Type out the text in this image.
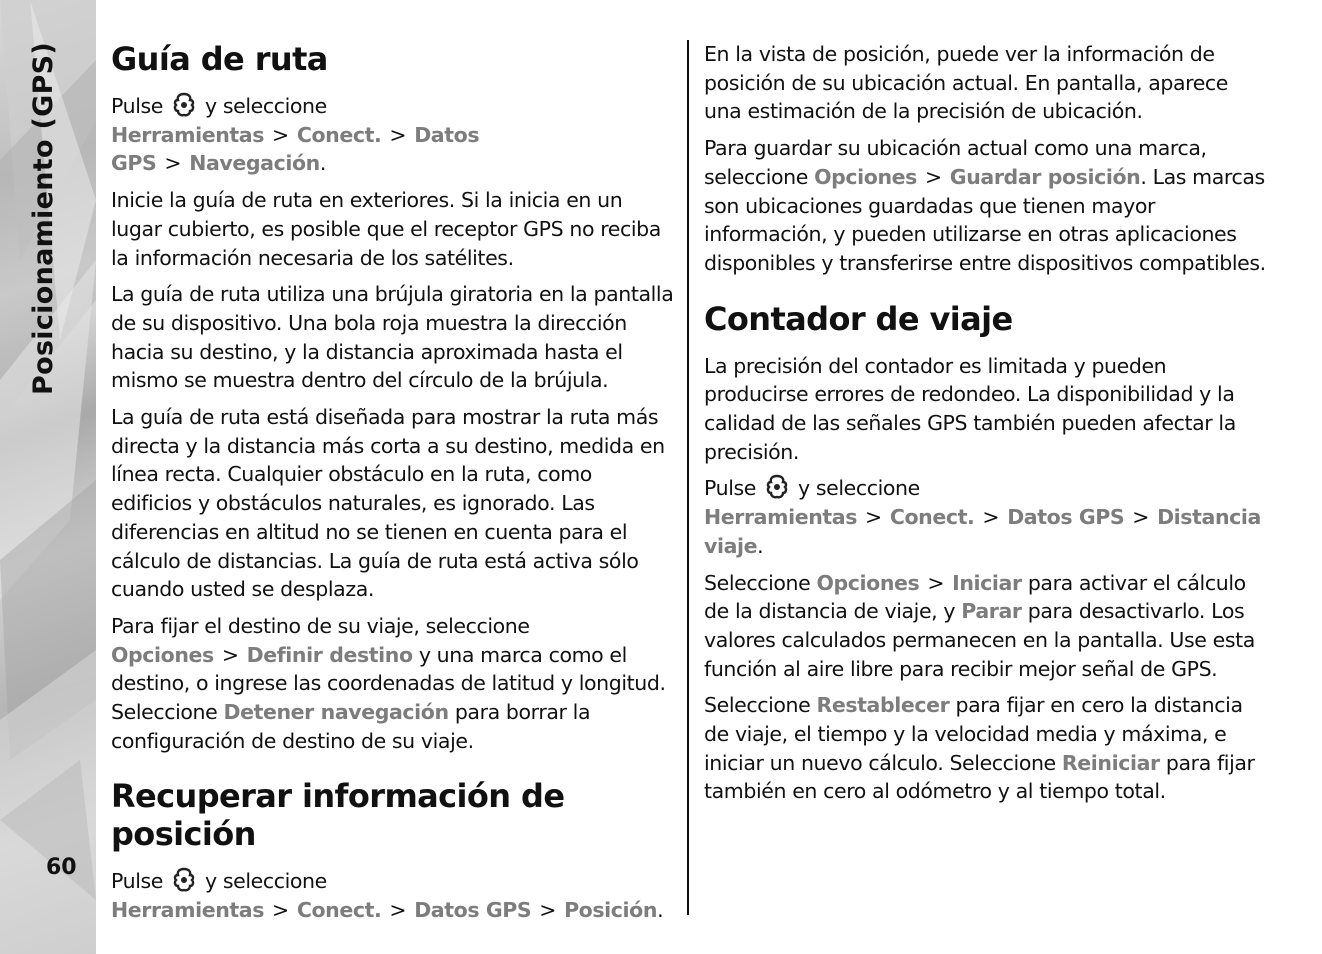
Posicionamiento (GPS)
60
Guía de ruta

Pulse y seleccione Herramientas > Conect. > Datos GPS > Navegación.

Inicie la guía de ruta en exteriores. Si la inicia en un lugar cubierto, es posible que el receptor GPS no reciba la información necesaria de los satélites.

La guía de ruta utiliza una brújula giratoria en la pantalla de su dispositivo. Una bola roja muestra la dirección hacia su destino, y la distancia aproximada hasta el mismo se muestra dentro del círculo de la brújula.

La guía de ruta está diseñada para mostrar la ruta más directa y la distancia más corta a su destino, medida en línea recta. Cualquier obstáculo en la ruta, como edificios y obstáculos naturales, es ignorado. Las diferencias en altitud no se tienen en cuenta para el cálculo de distancias. La guía de ruta está activa sólo cuando usted se desplaza.

Para fijar el destino de su viaje, seleccione Opciones > Definir destino y una marca como el destino, o ingrese las coordenadas de latitud y longitud. Seleccione Detener navegación para borrar la configuración de destino de su viaje.

Recuperar información de posición

Pulse y seleccione Herramientas > Conect. > Datos GPS > Posición.

En la vista de posición, puede ver la información de posición de su ubicación actual. En pantalla, aparece una estimación de la precisión de ubicación.

Para guardar su ubicación actual como una marca, seleccione Opciones > Guardar posición. Las marcas son ubicaciones guardadas que tienen mayor información, y pueden utilizarse en otras aplicaciones disponibles y transferirse entre dispositivos compatibles.

Contador de viaje

La precisión del contador es limitada y pueden producirse errores de redondeo. La disponibilidad y la calidad de las señales GPS también pueden afectar la precisión.

Pulse y seleccione Herramientas > Conect. > Datos GPS > Distancia viaje.

Seleccione Opciones > Iniciar para activar el cálculo de la distancia de viaje, y Parar para desactivarlo. Los valores calculados permanecen en la pantalla. Use esta función al aire libre para recibir mejor señal de GPS.

Seleccione Restablecer para fijar en cero la distancia de viaje, el tiempo y la velocidad media y máxima, e iniciar un nuevo cálculo. Seleccione Reiniciar para fijar también en cero al odómetro y al tiempo total.
